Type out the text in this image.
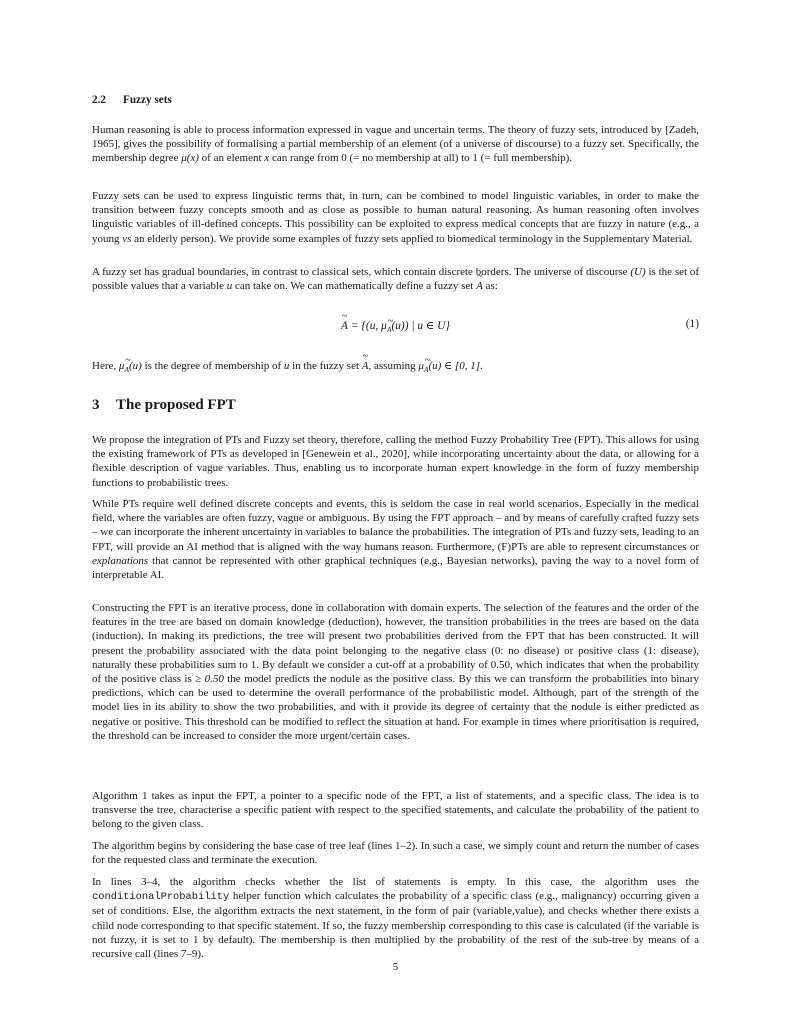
2.2 Fuzzy sets

Human reasoning is able to process information expressed in vague and uncertain terms. The theory of fuzzy sets, introduced by [Zadeh, 1965], gives the possibility of formalising a partial membership of an element (of a universe of discourse) to a fuzzy set. Specifically, the membership degree μ(x) of an element x can range from 0 (= no membership at all) to 1 (= full membership).

Fuzzy sets can be used to express linguistic terms that, in turn, can be combined to model linguistic variables, in order to make the transition between fuzzy concepts smooth and as close as possible to human natural reasoning. As human reasoning often involves linguistic variables of ill-defined concepts. This possibility can be exploited to express medical concepts that are fuzzy in nature (e.g., a young vs an elderly person). We provide some examples of fuzzy sets applied to biomedical terminology in the Supplementary Material.

A fuzzy set has gradual boundaries, in contrast to classical sets, which contain discrete borders. The universe of discourse (U) is the set of possible values that a variable u can take on. We can mathematically define a fuzzy set ~ A as:

~ A = {(u, μ~ $_A$(u)) | u ∈ U}	(1)

Here, μ~ $_A$(u) is the degree of membership of u in the fuzzy set ~ A, assuming μ~ $_A$(u) ∈ [0, 1].

3 The proposed FPT

We propose the integration of PTs and Fuzzy set theory, therefore, calling the method Fuzzy Probability Tree (FPT). This allows for using the existing framework of PTs as developed in [Genewein et al., 2020], while incorporating uncertainty about the data, or allowing for a flexible description of vague variables. Thus, enabling us to incorporate human expert knowledge in the form of fuzzy membership functions to probabilistic trees.

While PTs require well defined discrete concepts and events, this is seldom the case in real world scenarios. Especially in the medical field, where the variables are often fuzzy, vague or ambiguous. By using the FPT approach – and by means of carefully crafted fuzzy sets – we can incorporate the inherent uncertainty in variables to balance the probabilities. The integration of PTs and fuzzy sets, leading to an FPT, will provide an AI method that is aligned with the way humans reason. Furthermore, (F)PTs are able to represent circumstances or explanations that cannot be represented with other graphical techniques (e.g., Bayesian networks), paving the way to a novel form of interpretable AI.

Constructing the FPT is an iterative process, done in collaboration with domain experts. The selection of the features and the order of the features in the tree are based on domain knowledge (deduction), however, the transition probabilities in the trees are based on the data (induction). In making its predictions, the tree will present two probabilities derived from the FPT that has been constructed. It will present the probability associated with the data point belonging to the negative class (0: no disease) or positive class (1: disease), naturally these probabilities sum to 1. By default we consider a cut-off at a probability of 0.50, which indicates that when the probability of the positive class is ≥ 0.50 the model predicts the nodule as the positive class. By this we can transform the probabilities into binary predictions, which can be used to determine the overall performance of the probabilistic model. Although, part of the strength of the model lies in its ability to show the two probabilities, and with it provide its degree of certainty that the nodule is either predicted as negative or positive. This threshold can be modified to reflect the situation at hand. For example in times where prioritisation is required, the threshold can be increased to consider the more urgent/certain cases.

Algorithm 1 takes as input the FPT, a pointer to a specific node of the FPT, a list of statements, and a specific class. The idea is to transverse the tree, characterise a specific patient with respect to the specified statements, and calculate the probability of the patient to belong to the given class.

The algorithm begins by considering the base case of tree leaf (lines 1–2). In such a case, we simply count and return the number of cases for the requested class and terminate the execution.

In lines 3–4, the algorithm checks whether the list of statements is empty. In this case, the algorithm uses the conditionalProbability helper function which calculates the probability of a specific class (e.g., malignancy) occurring given a set of conditions. Else, the algorithm extracts the next statement, in the form of pair (variable,value), and checks whether there exists a child node corresponding to that specific statement. If so, the fuzzy membership corresponding to this case is calculated (if the variable is not fuzzy, it is set to 1 by default). The membership is then multiplied by the probability of the rest of the sub-tree by means of a recursive call (lines 7–9).

5
